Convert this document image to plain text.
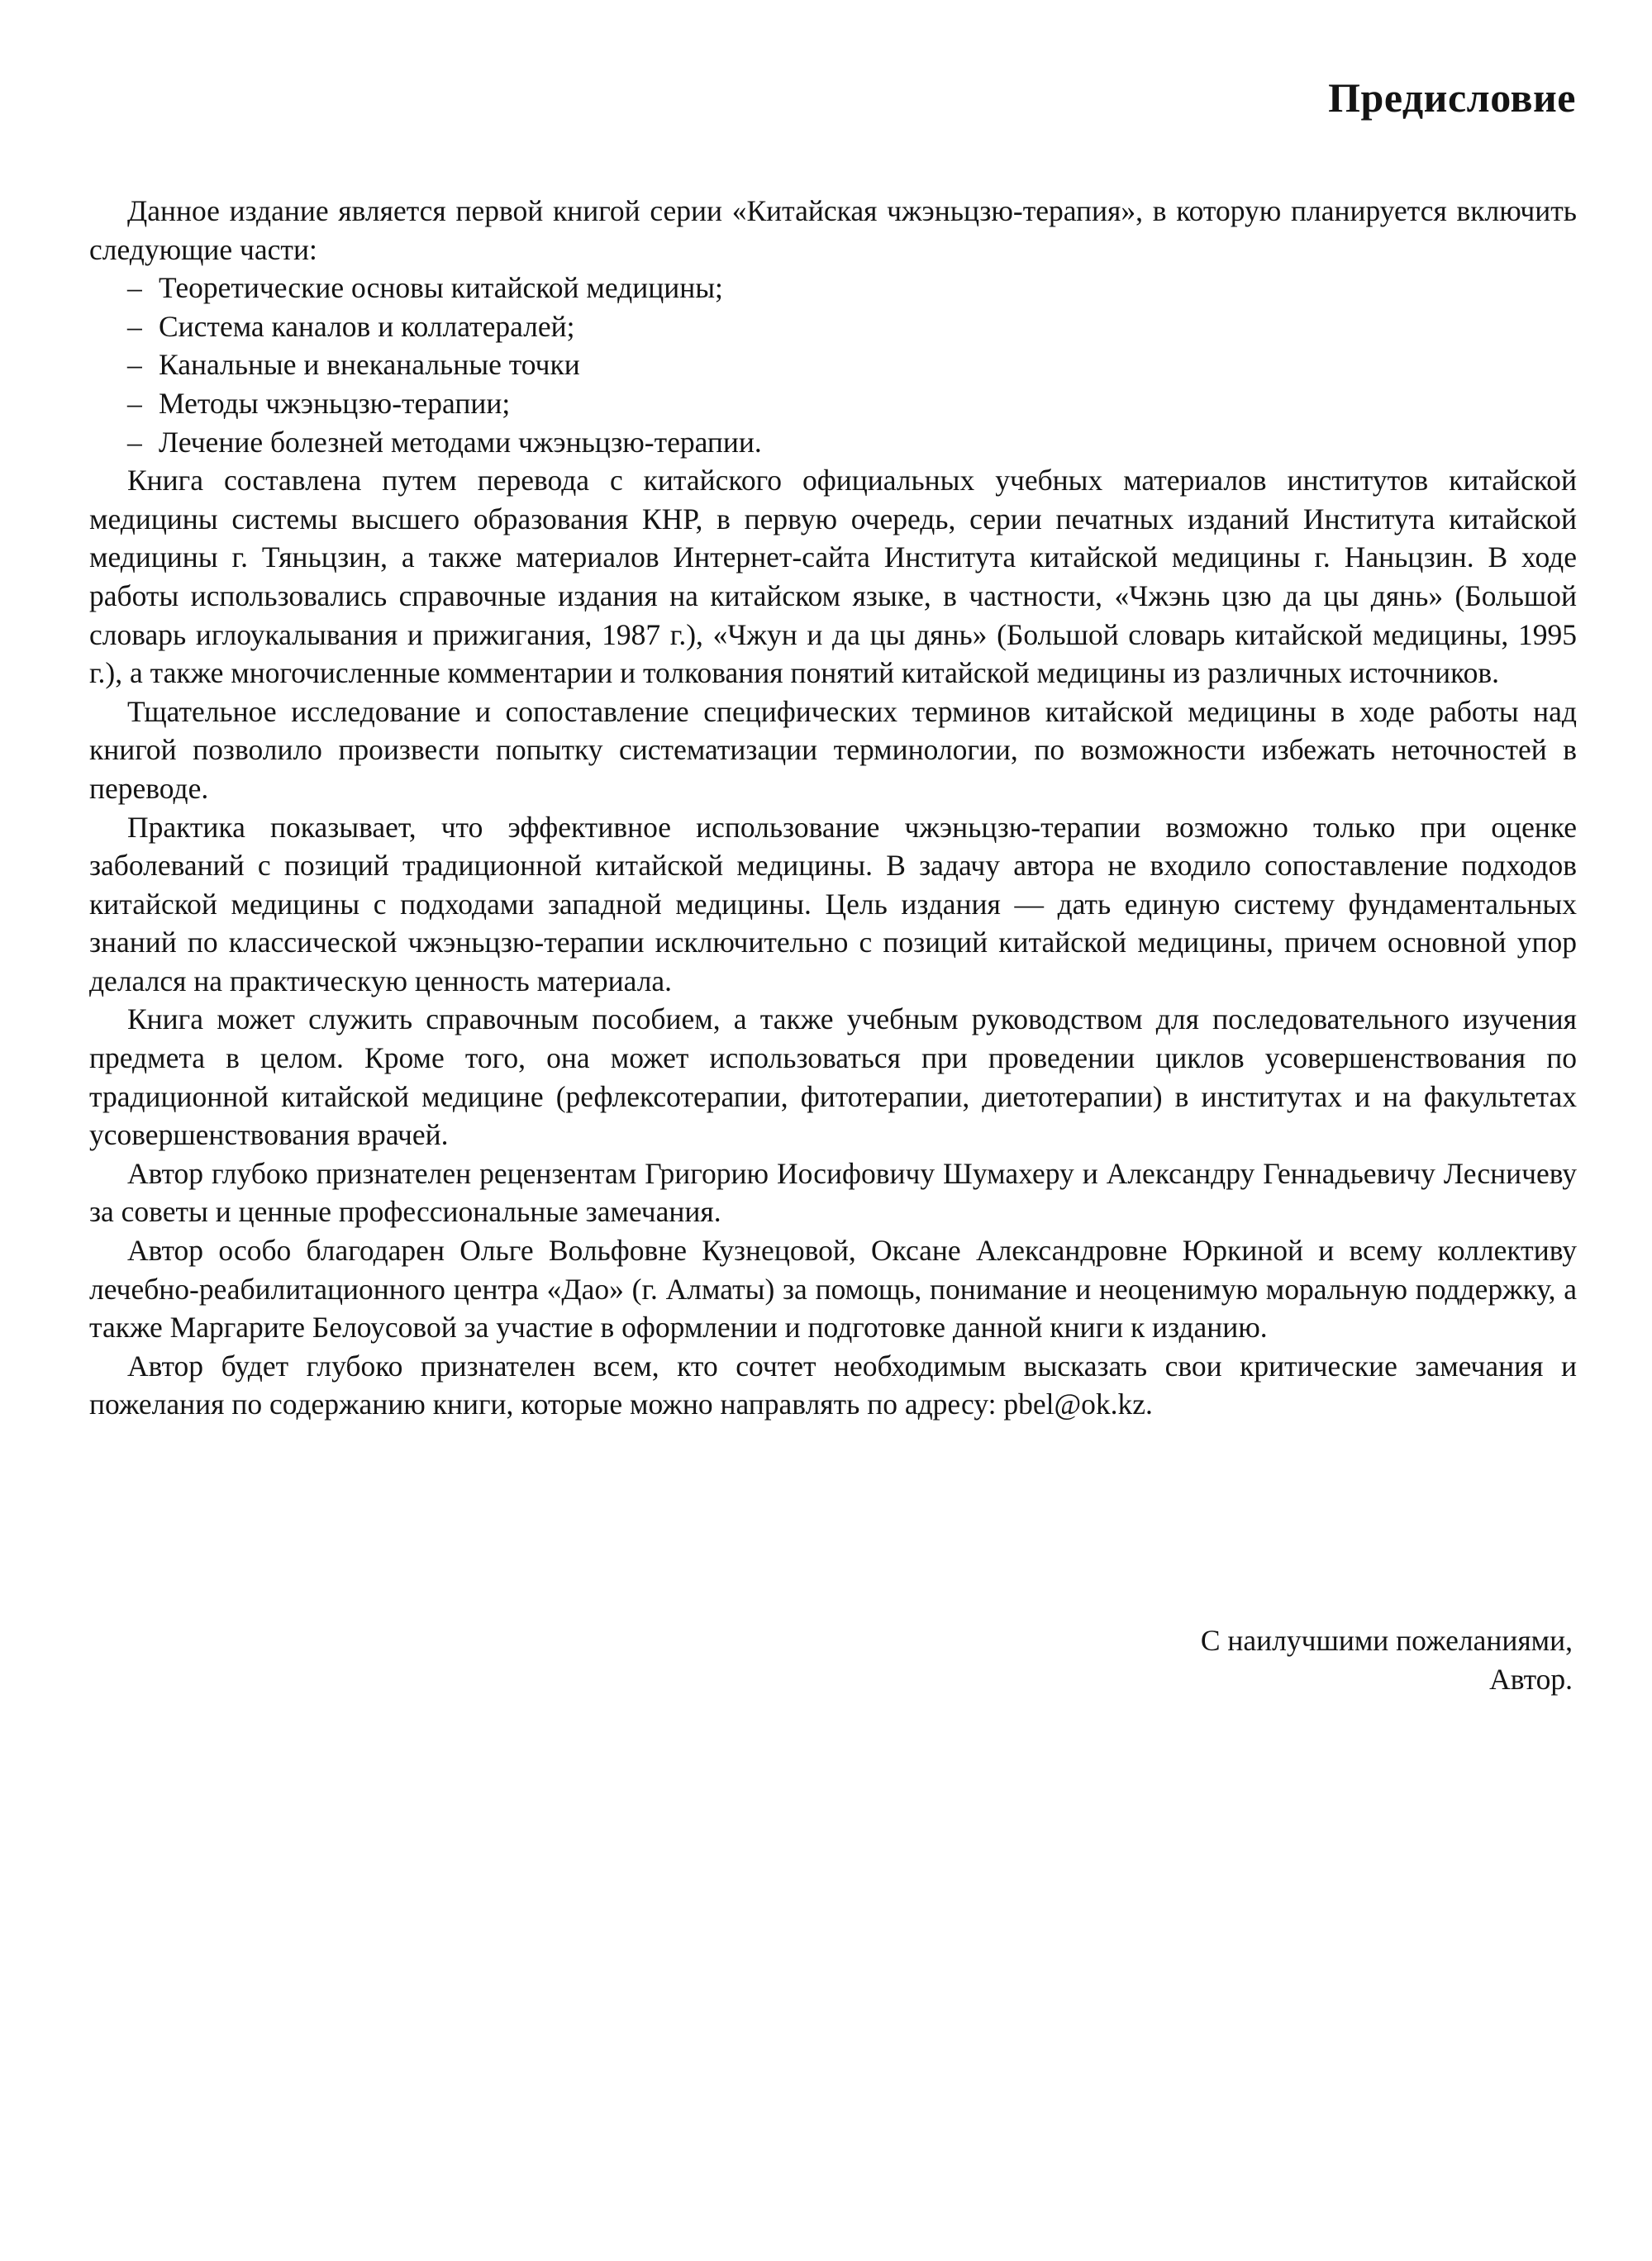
Предисловие

Данное издание является первой книгой серии «Китайская чжэньцзю-терапия», в которую планируется включить следующие части:

– Теоретические основы китайской медицины;
– Система каналов и коллатералей;
– Канальные и внеканальные точки
– Методы чжэньцзю-терапии;
– Лечение болезней методами чжэньцзю-терапии.

Книга составлена путем перевода с китайского официальных учебных материалов институтов китайской медицины системы высшего образования КНР, в первую очередь, серии печатных изданий Института китайской медицины г. Тяньцзин, а также материалов Интернет-сайта Института китайской медицины г. Наньцзин. В ходе работы использовались справочные издания на китайском языке, в частности, «Чжэнь цзю да цы дянь» (Большой словарь иглоукалывания и прижигания, 1987 г.), «Чжун и да цы дянь» (Большой словарь китайской медицины, 1995 г.), а также многочисленные комментарии и толкования понятий китайской медицины из различных источников.

Тщательное исследование и сопоставление специфических терминов китайской медицины в ходе работы над книгой позволило произвести попытку систематизации терминологии, по возможности избежать неточностей в переводе.

Практика показывает, что эффективное использование чжэньцзю-терапии возможно только при оценке заболеваний с позиций традиционной китайской медицины. В задачу автора не входило сопоставление подходов китайской медицины с подходами западной медицины. Цель издания — дать единую систему фундаментальных знаний по классической чжэньцзю-терапии исключительно с позиций китайской медицины, причем основной упор делался на практическую ценность материала.

Книга может служить справочным пособием, а также учебным руководством для последовательного изучения предмета в целом. Кроме того, она может использоваться при проведении циклов усовершенствования по традиционной китайской медицине (рефлексотерапии, фитотерапии, диетотерапии) в институтах и на факультетах усовершенствования врачей.

Автор глубоко признателен рецензентам Григорию Иосифовичу Шумахеру и Александру Геннадьевичу Лесничеву за советы и ценные профессиональные замечания.

Автор особо благодарен Ольге Вольфовне Кузнецовой, Оксане Александровне Юркиной и всему коллективу лечебно-реабилитационного центра «Дао» (г. Алматы) за помощь, понимание и неоценимую моральную поддержку, а также Маргарите Белоусовой за участие в оформлении и подготовке данной книги к изданию.

Автор будет глубоко признателен всем, кто сочтет необходимым высказать свои критические замечания и пожелания по содержанию книги, которые можно направлять по адресу: pbel@ok.kz.

С наилучшими пожеланиями,
Автор.
